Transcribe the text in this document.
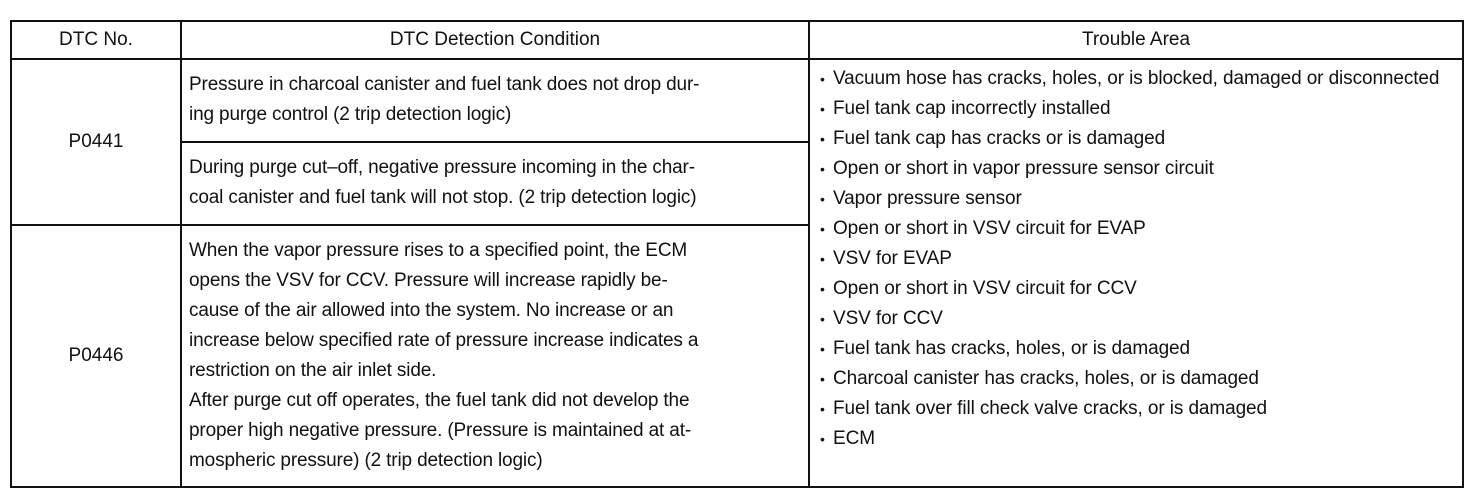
DTC No.	DTC Detection Condition	Trouble Area
P0441
Pressure in charcoal canister and fuel tank does not drop dur-
ing purge control (2 trip detection logic)
During purge cut–off, negative pressure incoming in the char-
coal canister and fuel tank will not stop. (2 trip detection logic)
P0446
When the vapor pressure rises to a specified point, the ECM
opens the VSV for CCV. Pressure will increase rapidly be-
cause of the air allowed into the system. No increase or an
increase below specified rate of pressure increase indicates a
restriction on the air inlet side.
After purge cut off operates, the fuel tank did not develop the
proper high negative pressure. (Pressure is maintained at at-
mospheric pressure) (2 trip detection logic)
• Vacuum hose has cracks, holes, or is blocked, damaged or disconnected
• Fuel tank cap incorrectly installed
• Fuel tank cap has cracks or is damaged
• Open or short in vapor pressure sensor circuit
• Vapor pressure sensor
• Open or short in VSV circuit for EVAP
• VSV for EVAP
• Open or short in VSV circuit for CCV
• VSV for CCV
• Fuel tank has cracks, holes, or is damaged
• Charcoal canister has cracks, holes, or is damaged
• Fuel tank over fill check valve cracks, or is damaged
• ECM
